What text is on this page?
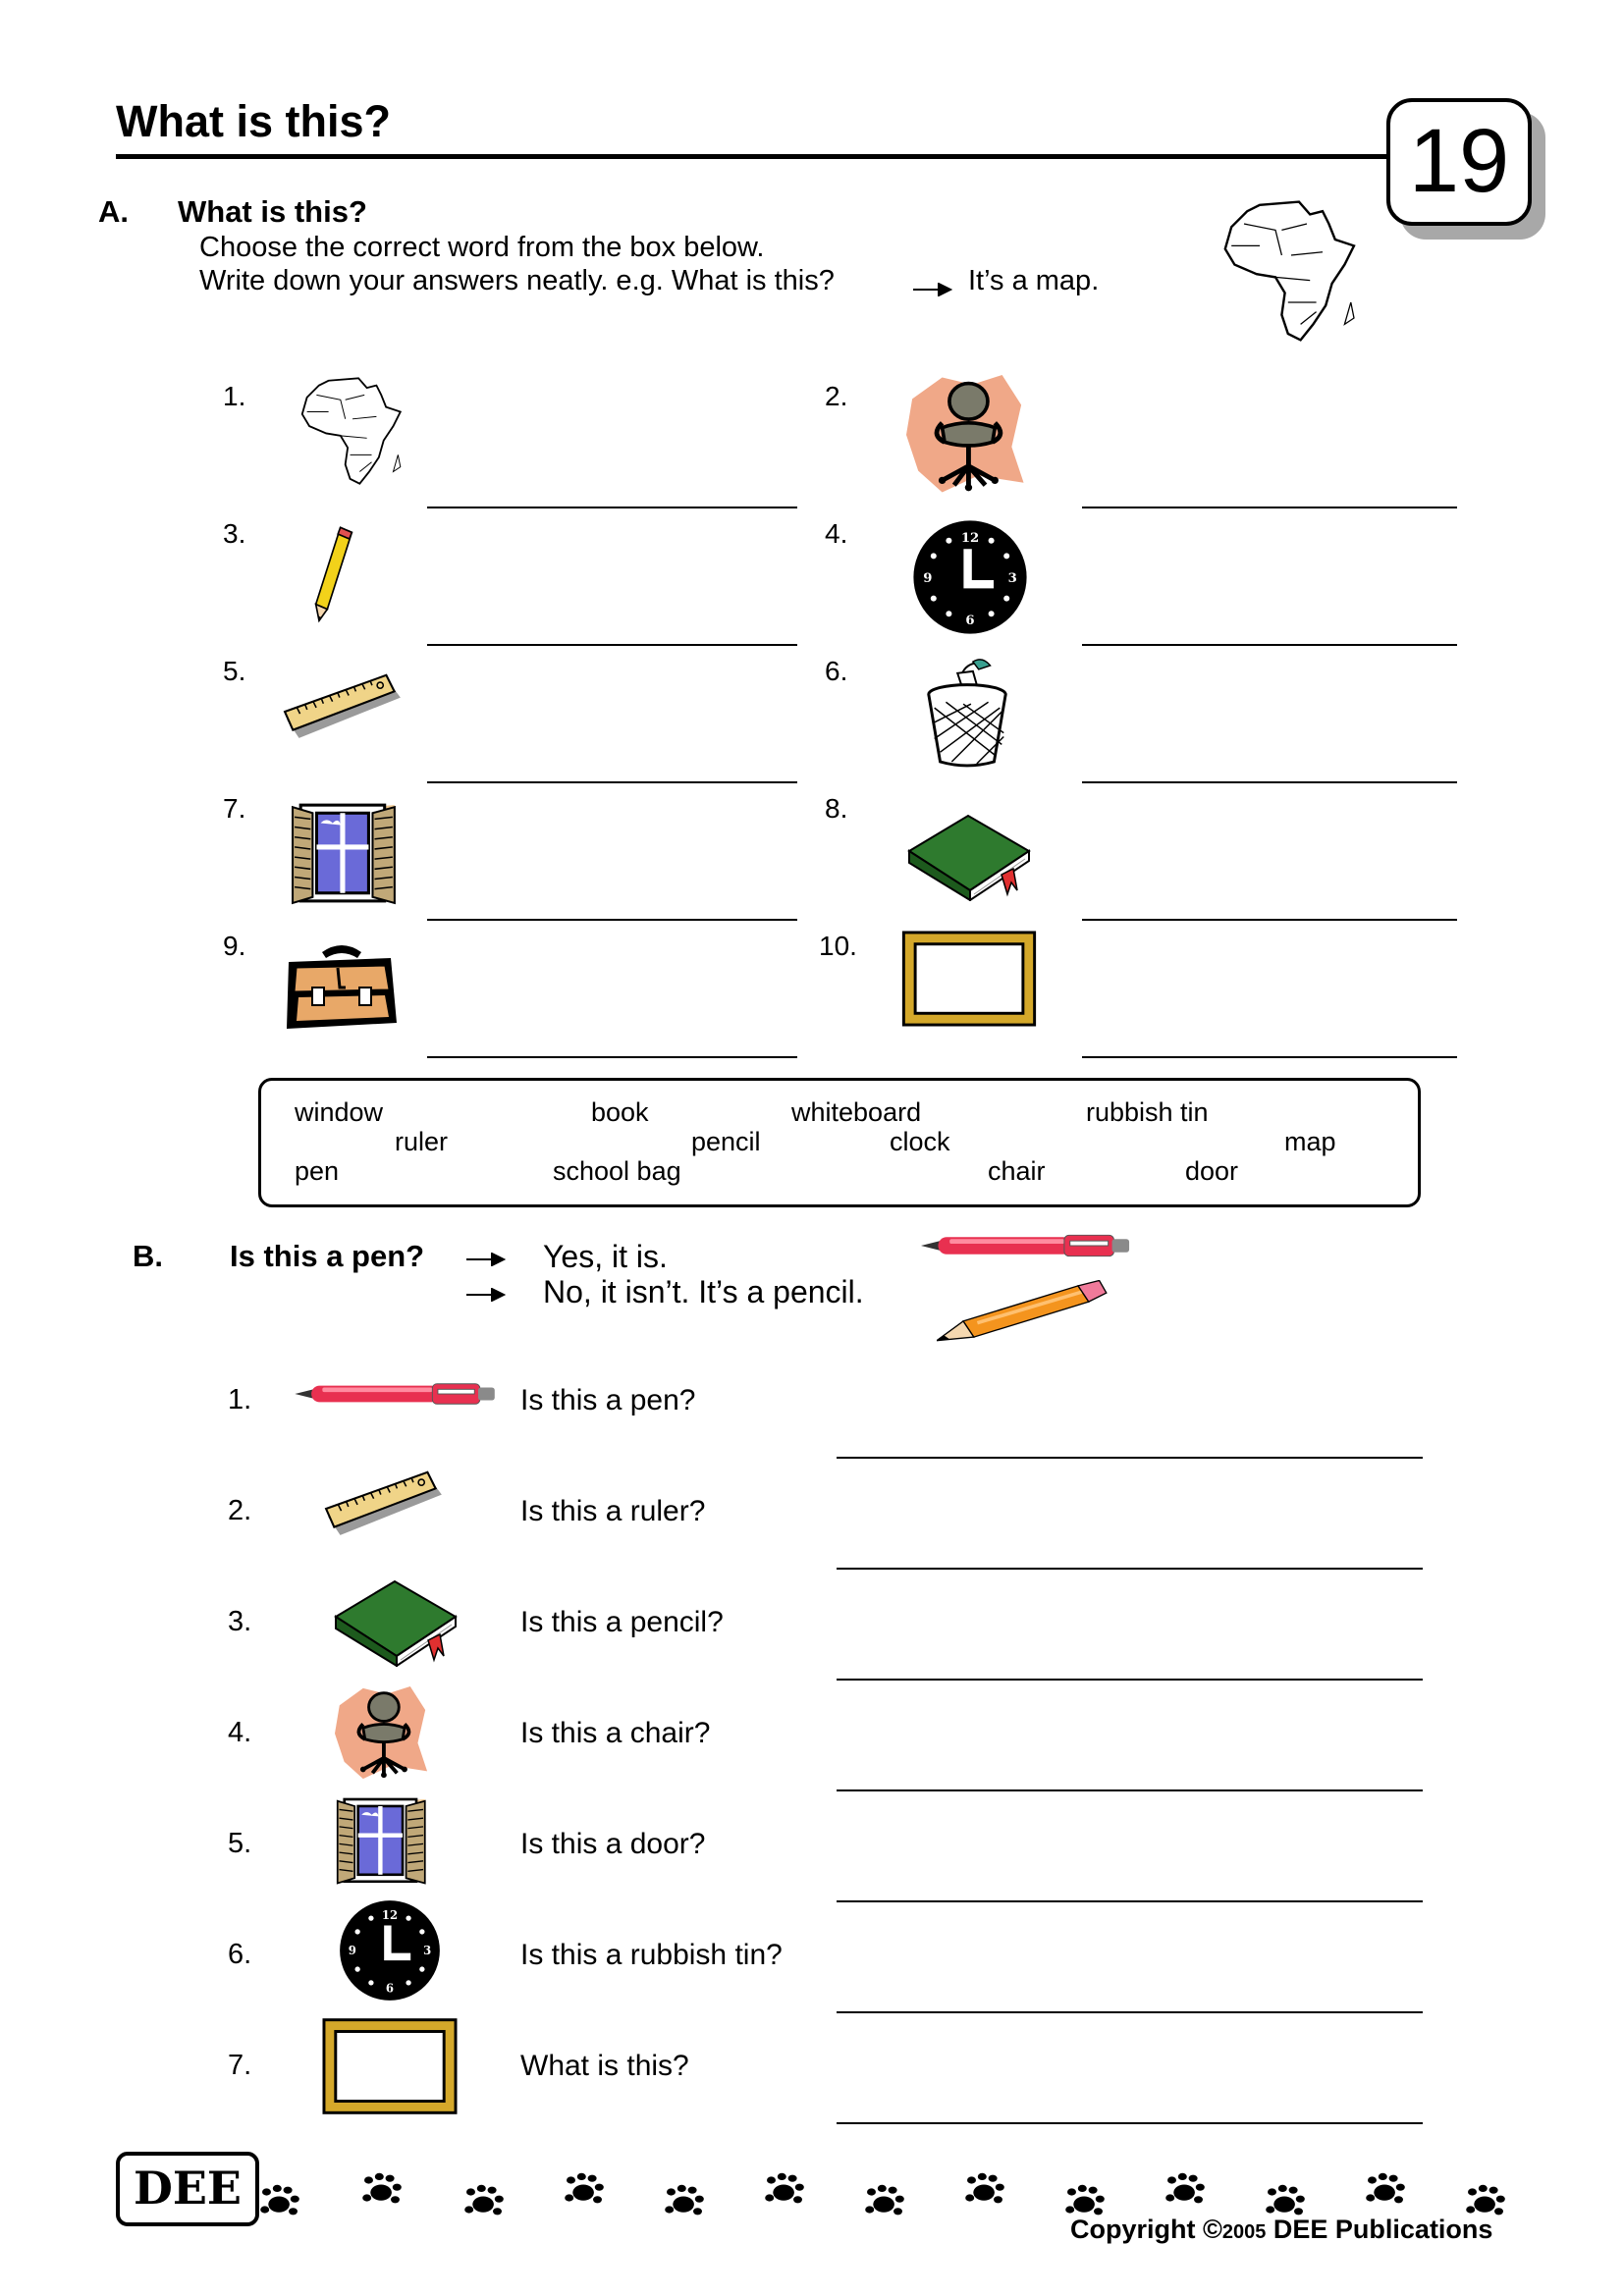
What is this?	19
A. What is this?
Choose the correct word from the box below.
Write down your answers neatly. e.g. What is this?	It’s a map.
1.	2.
3.	4.
5.	6.
7.	8.
9.	10.
window	book	whiteboard	rubbish tin
ruler	pencil	clock	map
pen	school bag	chair	door
B. Is this a pen?	Yes, it is.
No, it isn’t. It’s a pencil.
1.	Is this a pen?
2.	Is this a ruler?
3.	Is this a pencil?
4.	Is this a chair?
5.	Is this a door?
6.	Is this a rubbish tin?
7.	What is this?
DEE
Copyright ©2005 DEE Publications
